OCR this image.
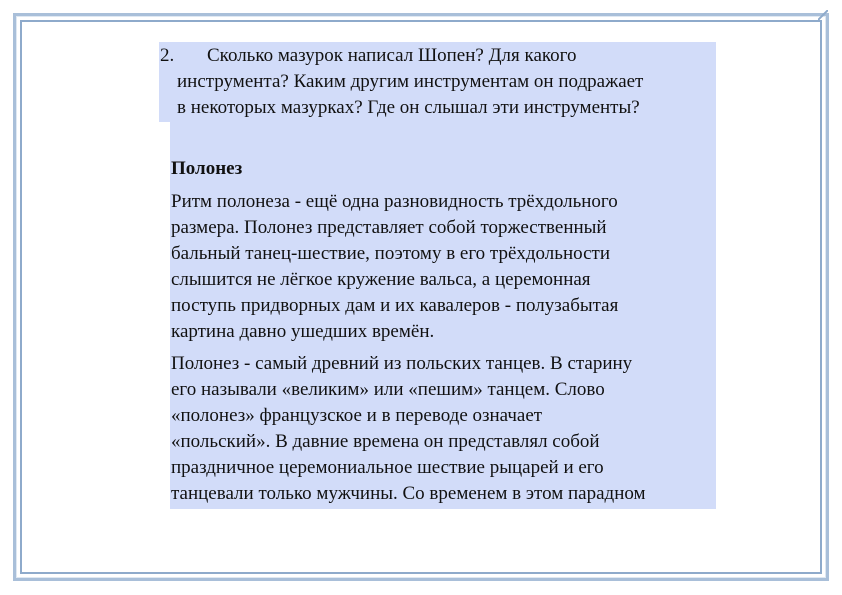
2. Сколько мазурок написал Шопен? Для какого
инструмента? Каким другим инструментам он подражает
в некоторых мазурках? Где он слышал эти инструменты?
Полонез
Ритм полонеза - ещё одна разновидность трёхдольного
размера. Полонез представляет собой торжественный
бальный танец-шествие, поэтому в его трёхдольности
слышится не лёгкое кружение вальса, а церемонная
поступь придворных дам и их кавалеров - полузабытая
картина давно ушедших времён.
Полонез - самый древний из польских танцев. В старину
его называли «великим» или «пешим» танцем. Слово
«полонез» французское и в переводе означает
«польский». В давние времена он представлял собой
праздничное церемониальное шествие рыцарей и его
танцевали только мужчины. Со временем в этом парадном
